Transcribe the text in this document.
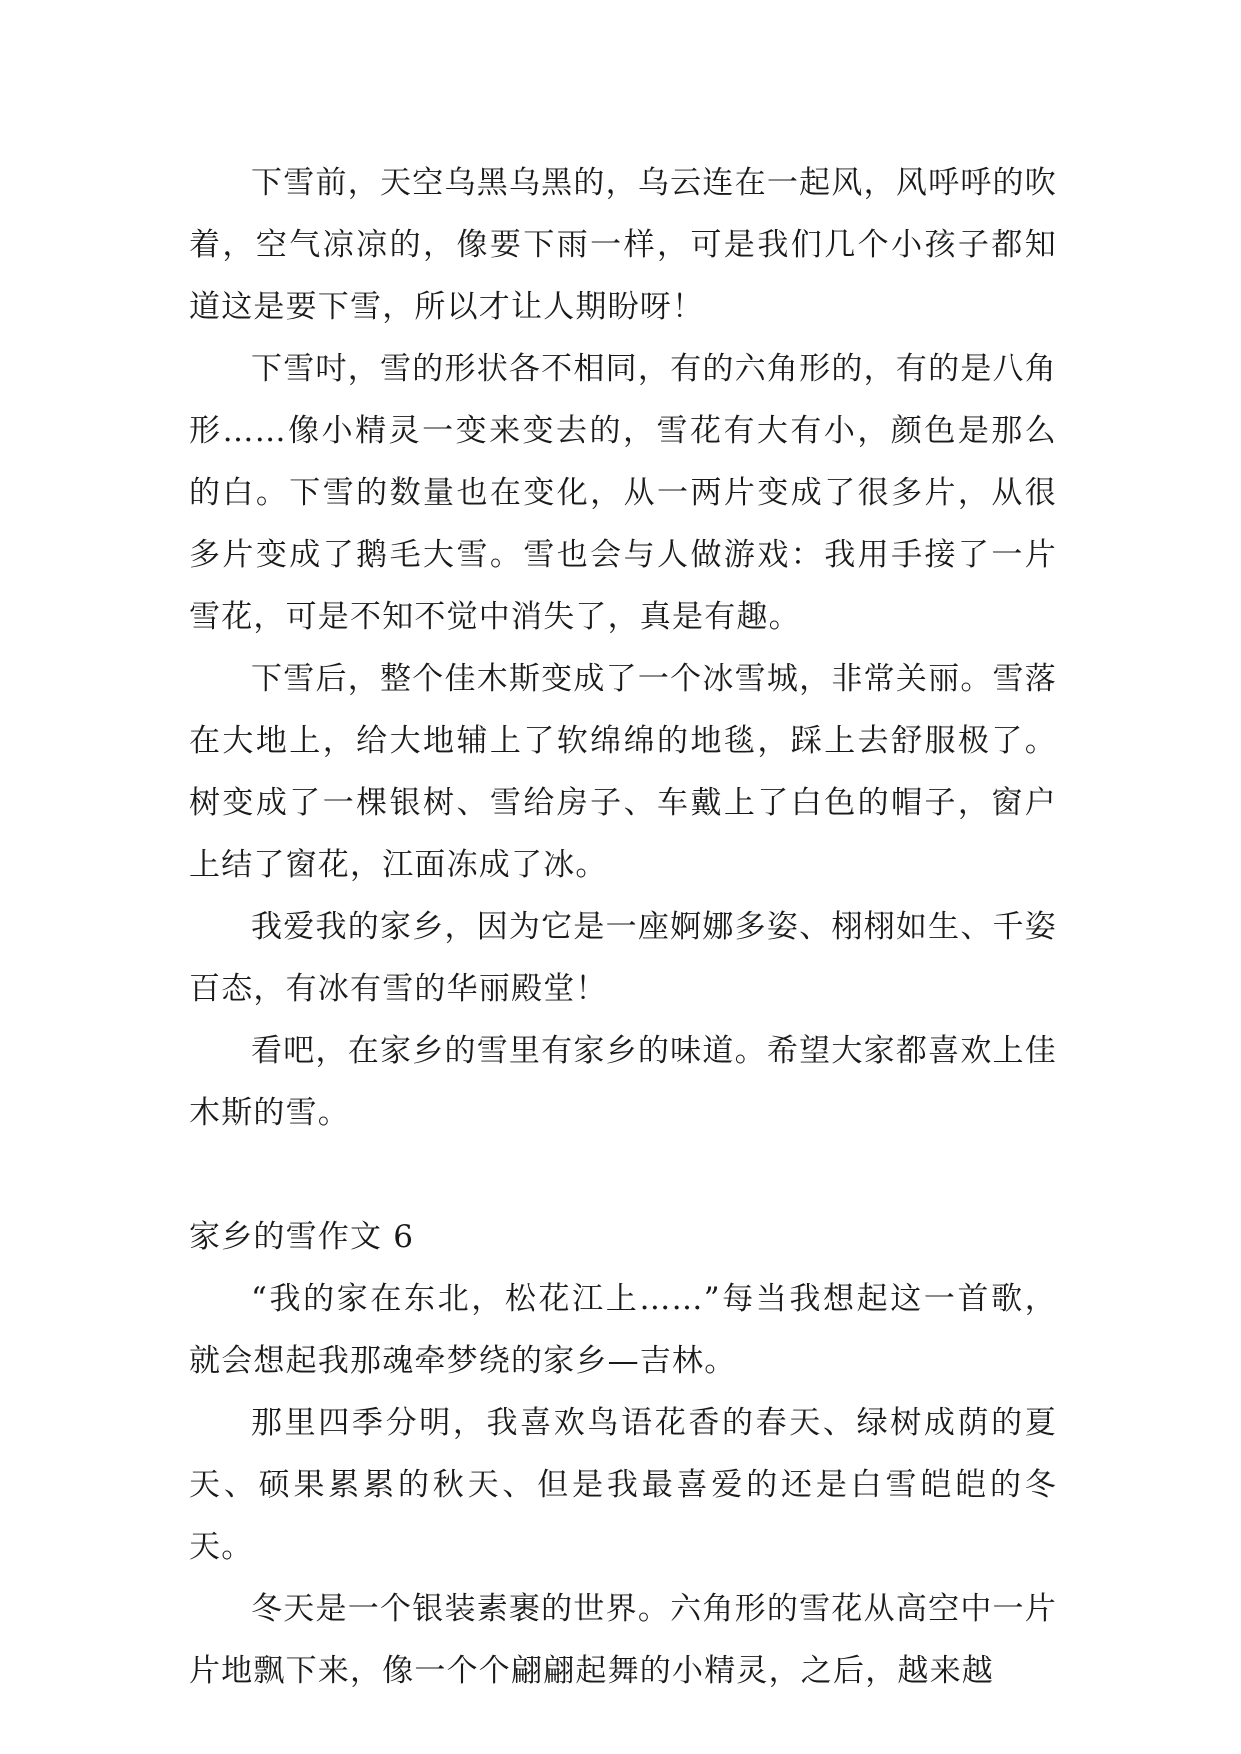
下雪前，天空乌黑乌黑的，乌云连在一起风，风呼呼的吹着，空气凉凉的，像要下雨一样，可是我们几个小孩子都知道这是要下雪，所以才让人期盼呀！

下雪吋，雪的形状各不相同，有的六角形的，有的是八角形……像小精灵一变来变去的，雪花有大有小，颜色是那么的白。下雪的数量也在变化，从一两片变成了很多片，从很多片变成了鹅毛大雪。雪也会与人做游戏：我用手接了一片雪花，可是不知不觉中消失了，真是有趣。

下雪后，整个佳木斯变成了一个冰雪城，非常关丽。雪落在大地上，给大地辅上了软绵绵的地毯，踩上去舒服极了。树变成了一棵银树、雪给房子、车戴上了白色的帽子，窗户上结了窗花，江面冻成了冰。

我爱我的家乡，因为它是一座婀娜多姿、栩栩如生、千姿百态，有冰有雪的华丽殿堂！

看吧，在家乡的雪里有家乡的味道。希望大家都喜欢上佳木斯的雪。

家乡的雪作文 6

“我的家在东北，松花江上……”每当我想起这一首歌，就会想起我那魂牵梦绕的家乡—吉林。

那里四季分明，我喜欢鸟语花香的春天、绿树成荫的夏天、硕果累累的秋天、但是我最喜爱的还是白雪皑皑的冬天。

冬天是一个银装素裹的世界。六角形的雪花从高空中一片片地飘下来，像一个个翩翩起舞的小精灵，之后，越来越
